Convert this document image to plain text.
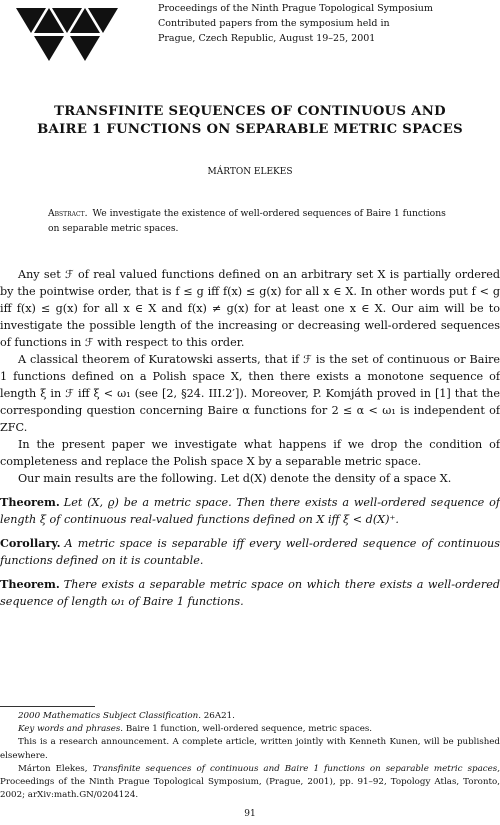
Proceedings of the Ninth Prague Topological Symposium
Contributed papers from the symposium held in
Prague, Czech Republic, August 19–25, 2001
TRANSFINITE SEQUENCES OF CONTINUOUS AND
BAIRE 1 FUNCTIONS ON SEPARABLE METRIC SPACES
MÁRTON ELEKES
Abstract. We investigate the existence of well-ordered sequences of Baire 1 functions on separable metric spaces.

Any set ℱ of real valued functions defined on an arbitrary set X is partially ordered by the pointwise order, that is f ≤ g iff f(x) ≤ g(x) for all x ∈ X. In other words put f < g iff f(x) ≤ g(x) for all x ∈ X and f(x) ≠ g(x) for at least one x ∈ X. Our aim will be to investigate the possible length of the increasing or decreasing well-ordered sequences of functions in ℱ with respect to this order.

A classical theorem of Kuratowski asserts, that if ℱ is the set of continuous or Baire 1 functions defined on a Polish space X, then there exists a monotone sequence of length ξ in ℱ iff ξ < ω₁ (see [2, §24. III.2′]). Moreover, P. Komjáth proved in [1] that the corresponding question concerning Baire α functions for 2 ≤ α < ω₁ is independent of ZFC.

In the present paper we investigate what happens if we drop the condition of completeness and replace the Polish space X by a separable metric space.

Our main results are the following. Let d(X) denote the density of a space X.

Theorem. Let (X, ϱ) be a metric space. Then there exists a well-ordered sequence of length ξ of continuous real-valued functions defined on X iff ξ < d(X)⁺.
Corollary. A metric space is separable iff every well-ordered sequence of continuous functions defined on it is countable.
Theorem. There exists a separable metric space on which there exists a well-ordered sequence of length ω₁ of Baire 1 functions.

2000 Mathematics Subject Classification. 26A21.

Key words and phrases. Baire 1 function, well-ordered sequence, metric spaces.

This is a research announcement. A complete article, written jointly with Kenneth Kunen, will be published elsewhere.

Márton Elekes, Transfinite sequences of continuous and Baire 1 functions on separable metric spaces, Proceedings of the Ninth Prague Topological Symposium, (Prague, 2001), pp. 91–92, Topology Atlas, Toronto, 2002; arXiv:math.GN/0204124.

91
